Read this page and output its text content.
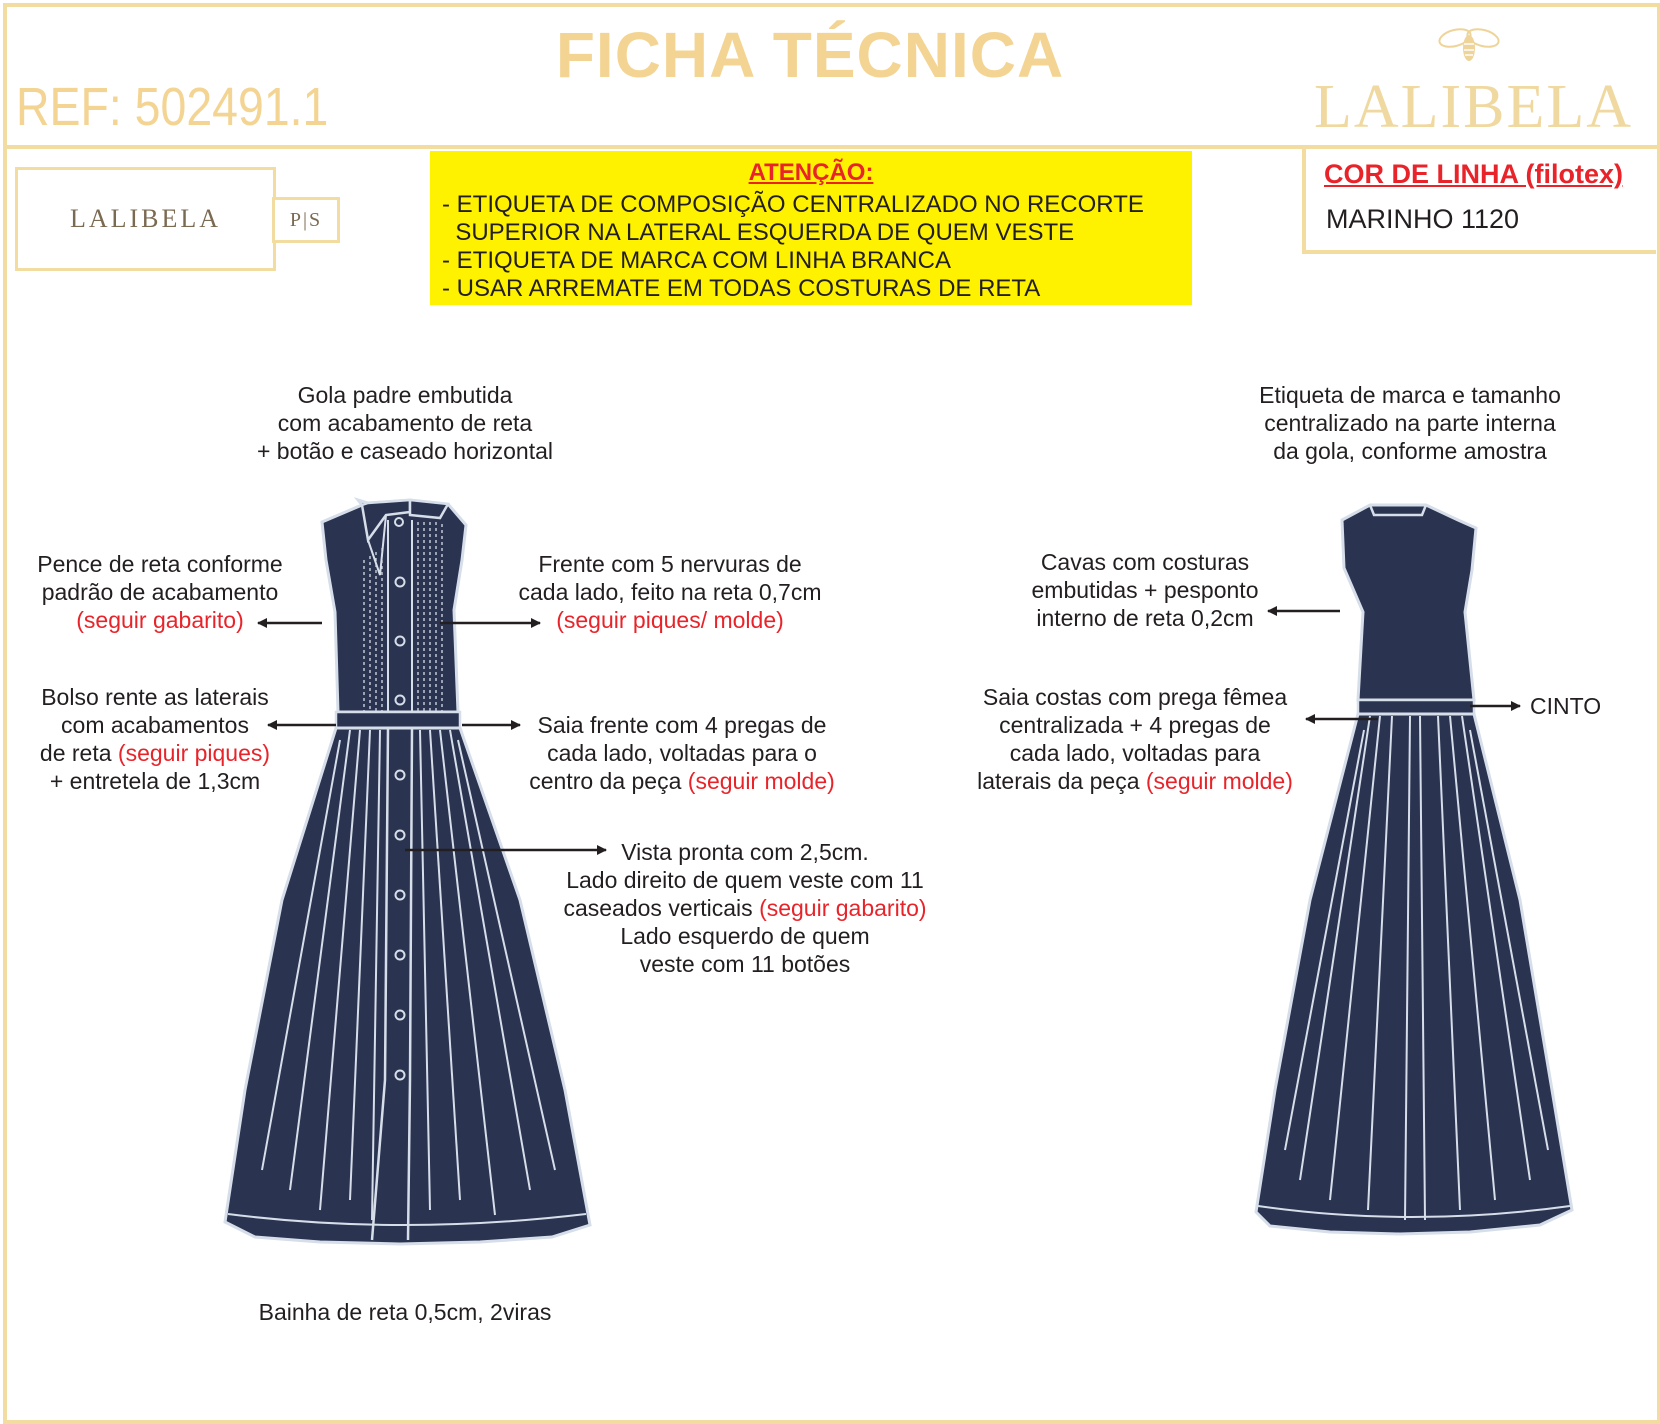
FICHA TÉCNICA
REF: 502491.1	LALIBELA
LALIBELA	P|S
ATENÇÃO:
- ETIQUETA DE COMPOSIÇÃO CENTRALIZADO NO RECORTE
SUPERIOR NA LATERAL ESQUERDA DE QUEM VESTE
- ETIQUETA DE MARCA COM LINHA BRANCA
- USAR ARREMATE EM TODAS COSTURAS DE RETA
COR DE LINHA (filotex)
MARINHO 1120
Gola padre embutida
com acabamento de reta
+ botão e caseado horizontal
Pence de reta conforme
padrão de acabamento
(seguir gabarito)
Frente com 5 nervuras de
cada lado, feito na reta 0,7cm
(seguir piques/ molde)
Bolso rente as laterais
com acabamentos
de reta (seguir piques)
+ entretela de 1,3cm
Saia frente com 4 pregas de
cada lado, voltadas para o
centro da peça (seguir molde)
Vista pronta com 2,5cm.
Lado direito de quem veste com 11
caseados verticais (seguir gabarito)
Lado esquerdo de quem
veste com 11 botões
Bainha de reta 0,5cm, 2viras
Etiqueta de marca e tamanho
centralizado na parte interna
da gola, conforme amostra
Cavas com costuras
embutidas + pesponto
interno de reta 0,2cm
CINTO
Saia costas com prega fêmea
centralizada + 4 pregas de
cada lado, voltadas para
laterais da peça (seguir molde)
